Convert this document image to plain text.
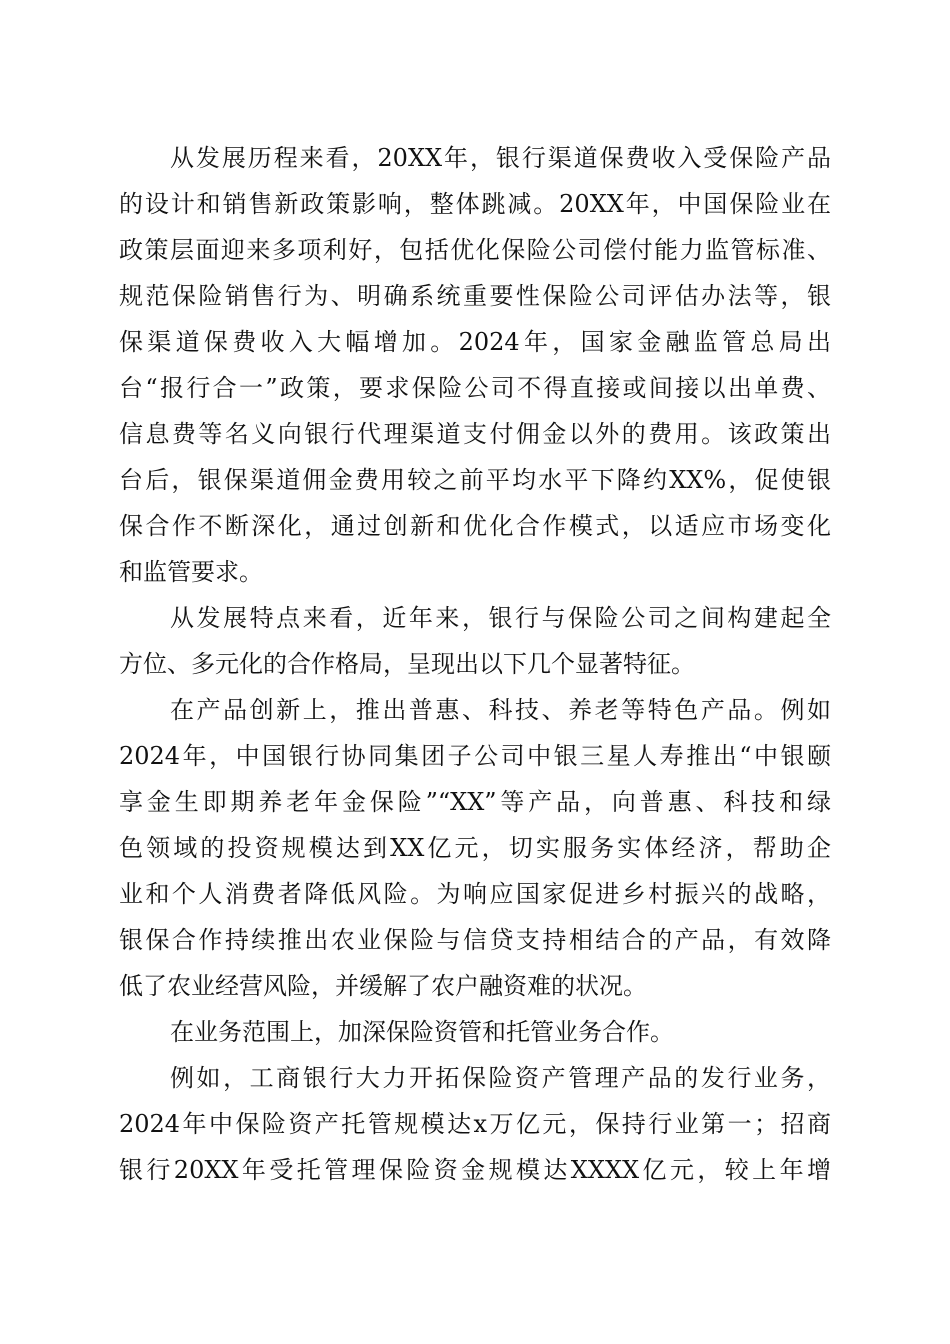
从发展历程来看，20XX年，银行渠道保费收入受保险产品
的设计和销售新政策影响，整体跳减。20XX年，中国保险业在
政策层面迎来多项利好，包括优化保险公司偿付能力监管标准、
规范保险销售行为、明确系统重要性保险公司评估办法等，银
保渠道保费收入大幅增加。2024年，国家金融监管总局出
台“报行合一”政策，要求保险公司不得直接或间接以出单费、
信息费等名义向银行代理渠道支付佣金以外的费用。该政策出
台后，银保渠道佣金费用较之前平均水平下降约XX%，促使银
保合作不断深化，通过创新和优化合作模式，以适应市场变化
和监管要求。
从发展特点来看，近年来，银行与保险公司之间构建起全
方位、多元化的合作格局，呈现出以下几个显著特征。
在产品创新上，推出普惠、科技、养老等特色产品。例如
2024年，中国银行协同集团子公司中银三星人寿推出“中银颐
享金生即期养老年金保险”“XX”等产品，向普惠、科技和绿
色领域的投资规模达到XX亿元，切实服务实体经济，帮助企
业和个人消费者降低风险。为响应国家促进乡村振兴的战略，
银保合作持续推出农业保险与信贷支持相结合的产品，有效降
低了农业经营风险，并缓解了农户融资难的状况。
在业务范围上，加深保险资管和托管业务合作。
例如，工商银行大力开拓保险资产管理产品的发行业务，
2024年中保险资产托管规模达x万亿元，保持行业第一；招商
银行20XX年受托管理保险资金规模达XXXX亿元，较上年增
